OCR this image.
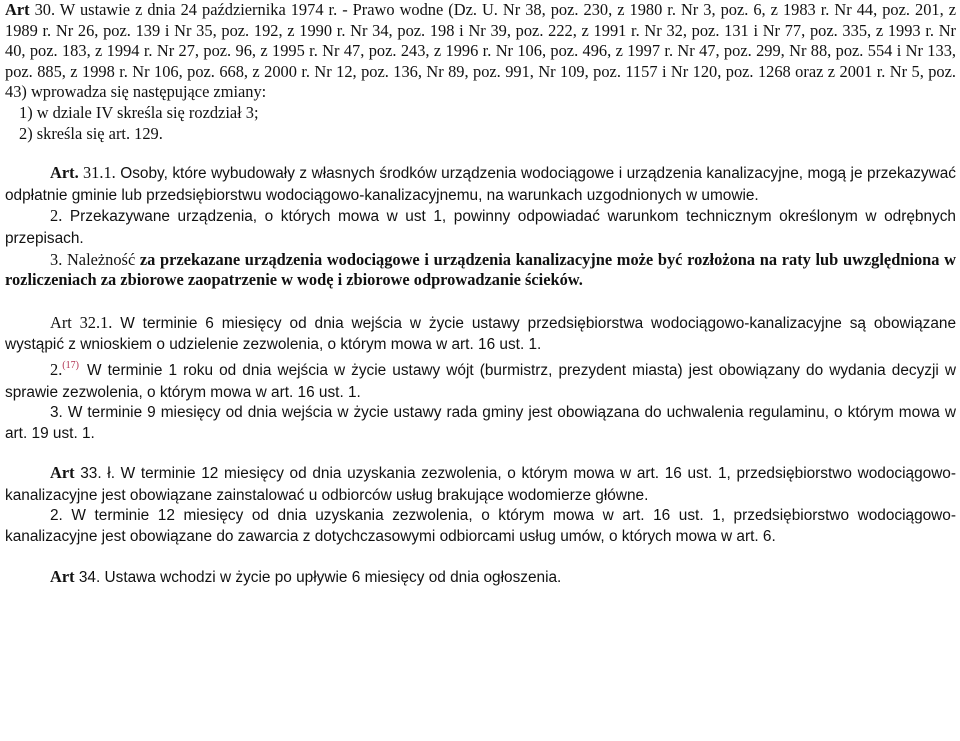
Art 30. W ustawie z dnia 24 października 1974 r. - Prawo wodne (Dz. U. Nr 38, poz. 230, z 1980 r. Nr 3, poz. 6, z 1983 r. Nr 44, poz. 201, z 1989 r. Nr 26, poz. 139 i Nr 35, poz. 192, z 1990 r. Nr 34, poz. 198 i Nr 39, poz. 222, z 1991 r. Nr 32, poz. 131 i Nr 77, poz. 335, z 1993 r. Nr 40, poz. 183, z 1994 r. Nr 27, poz. 96, z 1995 r. Nr 47, poz. 243, z 1996 r. Nr 106, poz. 496, z 1997 r. Nr 47, poz. 299, Nr 88, poz. 554 i Nr 133, poz. 885, z 1998 r. Nr 106, poz. 668, z 2000 r. Nr 12, poz. 136, Nr 89, poz. 991, Nr 109, poz. 1157 i Nr 120, poz. 1268 oraz z 2001 r. Nr 5, poz. 43) wprowadza się następujące zmiany:

1) w dziale IV skreśla się rozdział 3;

2) skreśla się art. 129.

Art. 31.1. Osoby, które wybudowały z własnych środków urządzenia wodociągowe i urządzenia kanalizacyjne, mogą je przekazywać odpłatnie gminie lub przedsiębiorstwu wodociągowo-kanalizacyjnemu, na warunkach uzgodnionych w umowie.

2. Przekazywane urządzenia, o których mowa w ust 1, powinny odpowiadać warunkom technicznym określonym w odrębnych przepisach.

3. Należność za przekazane urządzenia wodociągowe i urządzenia kanalizacyjne może być rozłożona na raty lub uwzględniona w rozliczeniach za zbiorowe zaopatrzenie w wodę i zbiorowe odprowadzanie ścieków.

Art 32.1. W terminie 6 miesięcy od dnia wejścia w życie ustawy przedsiębiorstwa wodociągowo-kanalizacyjne są obowiązane wystąpić z wnioskiem o udzielenie zezwolenia, o którym mowa w art. 16 ust. 1.

2.$^{(17)}$ W terminie 1 roku od dnia wejścia w życie ustawy wójt (burmistrz, prezydent miasta) jest obowiązany do wydania decyzji w sprawie zezwolenia, o którym mowa w art. 16 ust. 1.

3. W terminie 9 miesięcy od dnia wejścia w życie ustawy rada gminy jest obowiązana do uchwalenia regulaminu, o którym mowa w art. 19 ust. 1.

Art 33. ł. W terminie 12 miesięcy od dnia uzyskania zezwolenia, o którym mowa w art. 16 ust. 1, przedsiębiorstwo wodociągowo-kanalizacyjne jest obowiązane zainstalować u odbiorców usług brakujące wodomierze główne.

2. W terminie 12 miesięcy od dnia uzyskania zezwolenia, o którym mowa w art. 16 ust. 1, przedsiębiorstwo wodociągowo-kanalizacyjne jest obowiązane do zawarcia z dotychczasowymi odbiorcami usług umów, o których mowa w art. 6.

Art 34. Ustawa wchodzi w życie po upływie 6 miesięcy od dnia ogłoszenia.
